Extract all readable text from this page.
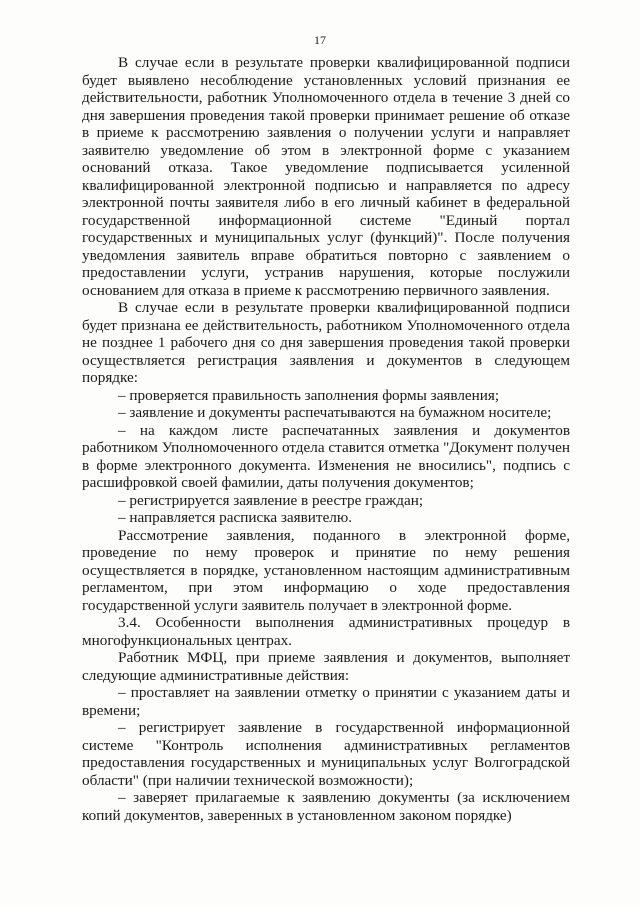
17

В случае если в результате проверки квалифицированной подписи будет выявлено несоблюдение установленных условий признания ее действительности, работник Уполномоченного отдела в течение 3 дней со дня завершения проведения такой проверки принимает решение об отказе в приеме к рассмотрению заявления о получении услуги и направляет заявителю уведомление об этом в электронной форме с указанием оснований отказа. Такое уведомление подписывается усиленной квалифицированной электронной подписью и направляется по адресу электронной почты заявителя либо в его личный кабинет в федеральной государственной информационной системе "Единый портал государственных и муниципальных услуг (функций)". После получения уведомления заявитель вправе обратиться повторно с заявлением о предоставлении услуги, устранив нарушения, которые послужили основанием для отказа в приеме к рассмотрению первичного заявления.

В случае если в результате проверки квалифицированной подписи будет признана ее действительность, работником Уполномоченного отдела не позднее 1 рабочего дня со дня завершения проведения такой проверки осуществляется регистрация заявления и документов в следующем порядке:

– проверяется правильность заполнения формы заявления;

– заявление и документы распечатываются на бумажном носителе;

– на каждом листе распечатанных заявления и документов работником Уполномоченного отдела ставится отметка "Документ получен в форме электронного документа. Изменения не вносились", подпись с расшифровкой своей фамилии, даты получения документов;

– регистрируется заявление в реестре граждан;

– направляется расписка заявителю.

Рассмотрение заявления, поданного в электронной форме, проведение по нему проверок и принятие по нему решения осуществляется в порядке, установленном настоящим административным регламентом, при этом информацию о ходе предоставления государственной услуги заявитель получает в электронной форме.

3.4. Особенности выполнения административных процедур в многофункциональных центрах.

Работник МФЦ, при приеме заявления и документов, выполняет следующие административные действия:

– проставляет на заявлении отметку о принятии с указанием даты и времени;

– регистрирует заявление в государственной информационной системе "Контроль исполнения административных регламентов предоставления государственных и муниципальных услуг Волгоградской области" (при наличии технической возможности);

– заверяет прилагаемые к заявлению документы (за исключением копий документов, заверенных в установленном законом порядке)
